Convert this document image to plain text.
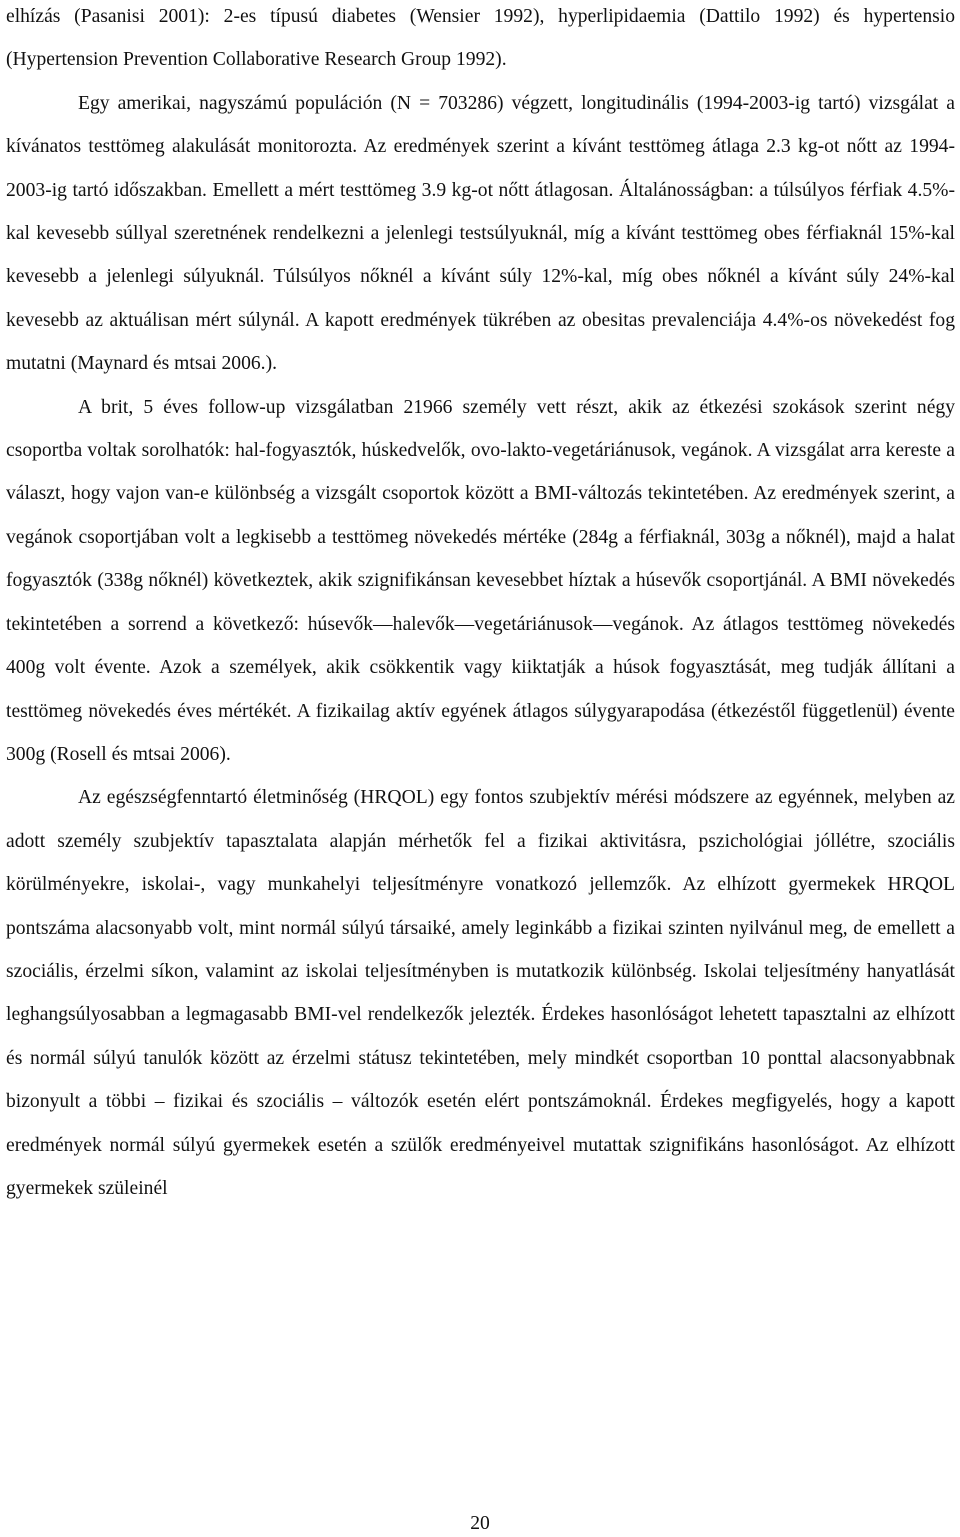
elhízás (Pasanisi 2001): 2-es típusú diabetes (Wensier 1992), hyperlipidaemia (Dattilo 1992) és hypertensio (Hypertension Prevention Collaborative Research Group 1992).

Egy amerikai, nagyszámú populáción (N = 703286) végzett, longitudinális (1994-2003-ig tartó) vizsgálat a kívánatos testtömeg alakulását monitorozta. Az eredmények szerint a kívánt testtömeg átlaga 2.3 kg-ot nőtt az 1994-2003-ig tartó időszakban. Emellett a mért testtömeg 3.9 kg-ot nőtt átlagosan. Általánosságban: a túlsúlyos férfiak 4.5%-kal kevesebb súllyal szeretnének rendelkezni a jelenlegi testsúlyuknál, míg a kívánt testtömeg obes férfiaknál 15%-kal kevesebb a jelenlegi súlyuknál. Túlsúlyos nőknél a kívánt súly 12%-kal, míg obes nőknél a kívánt súly 24%-kal kevesebb az aktuálisan mért súlynál. A kapott eredmények tükrében az obesitas prevalenciája 4.4%-os növekedést fog mutatni (Maynard és mtsai 2006.).

A brit, 5 éves follow-up vizsgálatban 21966 személy vett részt, akik az étkezési szokások szerint négy csoportba voltak sorolhatók: hal-fogyasztók, húskedvelők, ovo-lakto-vegetáriánusok, vegánok. A vizsgálat arra kereste a választ, hogy vajon van-e különbség a vizsgált csoportok között a BMI-változás tekintetében. Az eredmények szerint, a vegánok csoportjában volt a legkisebb a testtömeg növekedés mértéke (284g a férfiaknál, 303g a nőknél), majd a halat fogyasztók (338g nőknél) következtek, akik szignifikánsan kevesebbet híztak a húsevők csoportjánál. A BMI növekedés tekintetében a sorrend a következő: húsevők—halevők—vegetáriánusok—vegánok. Az átlagos testtömeg növekedés 400g volt évente. Azok a személyek, akik csökkentik vagy kiiktatják a húsok fogyasztását, meg tudják állítani a testtömeg növekedés éves mértékét. A fizikailag aktív egyének átlagos súlygyarapodása (étkezéstől függetlenül) évente 300g (Rosell és mtsai 2006).

Az egészségfenntartó életminőség (HRQOL) egy fontos szubjektív mérési módszere az egyénnek, melyben az adott személy szubjektív tapasztalata alapján mérhetők fel a fizikai aktivitásra, pszichológiai jóllétre, szociális körülményekre, iskolai-, vagy munkahelyi teljesítményre vonatkozó jellemzők. Az elhízott gyermekek HRQOL pontszáma alacsonyabb volt, mint normál súlyú társaiké, amely leginkább a fizikai szinten nyilvánul meg, de emellett a szociális, érzelmi síkon, valamint az iskolai teljesítményben is mutatkozik különbség. Iskolai teljesítmény hanyatlását leghangsúlyosabban a legmagasabb BMI-vel rendelkezők jelezték. Érdekes hasonlóságot lehetett tapasztalni az elhízott és normál súlyú tanulók között az érzelmi státusz tekintetében, mely mindkét csoportban 10 ponttal alacsonyabbnak bizonyult a többi – fizikai és szociális – változók esetén elért pontszámoknál. Érdekes megfigyelés, hogy a kapott eredmények normál súlyú gyermekek esetén a szülők eredményeivel mutattak szignifikáns hasonlóságot. Az elhízott gyermekek szüleinél

20
